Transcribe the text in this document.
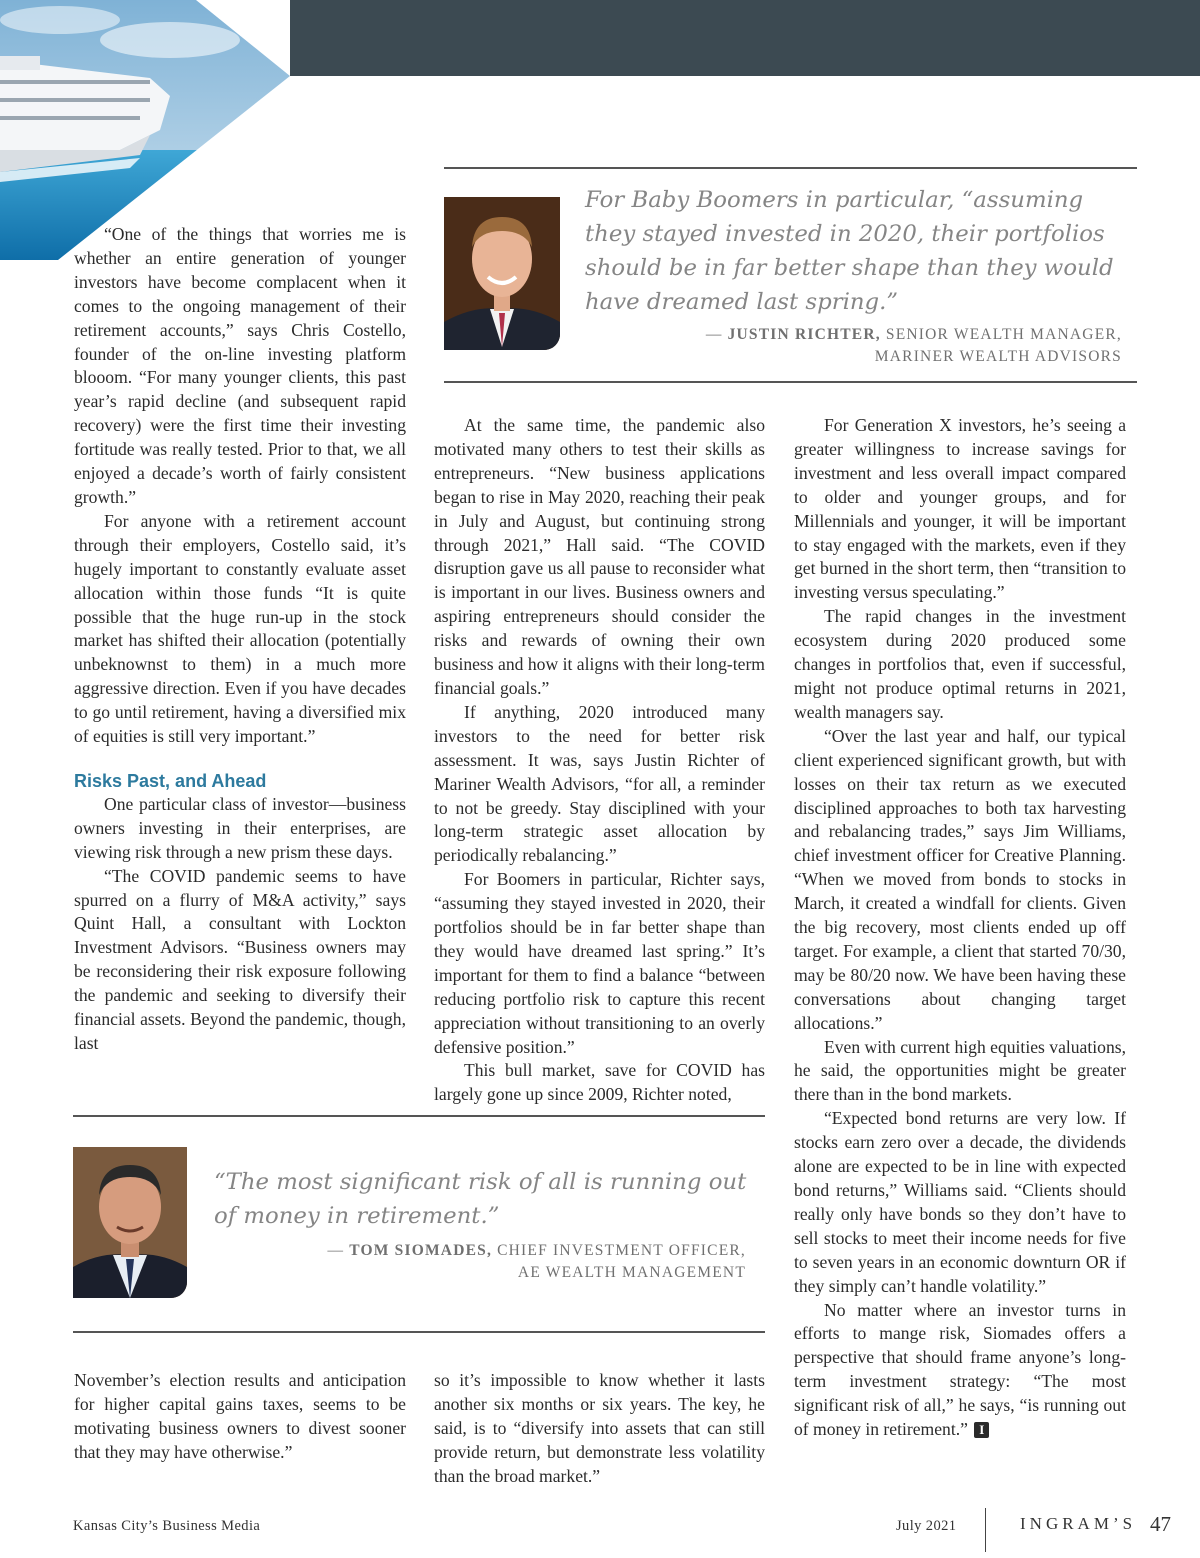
For Baby Boomers in particular, “assuming they stayed invested in 2020, their portfolios should be in far better shape than they would have dreamed last spring.”
— JUSTIN RICHTER, SENIOR WEALTH MANAGER,
MARINER WEALTH ADVISORS

“One of the things that worries me is whether an entire generation of younger investors have become complacent when it comes to the ongoing management of their retirement accounts,” says Chris Costello, founder of the on-line investing platform blooom. “For many younger clients, this past year’s rapid decline (and subsequent rapid recovery) were the first time their investing fortitude was really tested. Prior to that, we all enjoyed a decade’s worth of fairly consistent growth.”

For anyone with a retirement account through their employers, Costello said, it’s hugely important to constantly evaluate asset allocation within those funds “It is quite possible that the huge run-up in the stock market has shifted their allocation (potentially unbeknownst to them) in a much more aggressive direction. Even if you have decades to go until retirement, having a diversified mix of equities is still very important.”

Risks Past, and Ahead

One particular class of investor—business owners investing in their enterprises, are viewing risk through a new prism these days.

“The COVID pandemic seems to have spurred on a flurry of M&A activity,” says Quint Hall, a consultant with Lockton Investment Advisors. “Business owners may be reconsidering their risk exposure following the pandemic and seeking to diversify their financial assets. Beyond the pandemic, though, last

At the same time, the pandemic also motivated many others to test their skills as entrepreneurs. “New business applications began to rise in May 2020, reaching their peak in July and August, but continuing strong through 2021,” Hall said. “The COVID disruption gave us all pause to reconsider what is important in our lives. Business owners and aspiring entrepreneurs should consider the risks and rewards of owning their own business and how it aligns with their long-term financial goals.”

If anything, 2020 introduced many investors to the need for better risk assessment. It was, says Justin Richter of Mariner Wealth Advisors, “for all, a reminder to not be greedy. Stay disciplined with your long-term strategic asset allocation by periodically rebalancing.”

For Boomers in particular, Richter says, “assuming they stayed invested in 2020, their portfolios should be in far better shape than they would have dreamed last spring.” It’s important for them to find a balance “between reducing portfolio risk to capture this recent appreciation without transitioning to an overly defensive position.”

This bull market, save for COVID has largely gone up since 2009, Richter noted,

“The most significant risk of all is running out of money in retirement.”
— TOM SIOMADES, CHIEF INVESTMENT OFFICER,
AE WEALTH MANAGEMENT

November’s election results and anticipation for higher capital gains taxes, seems to be motivating business owners to divest sooner that they may have otherwise.”

so it’s impossible to know whether it lasts another six months or six years. The key, he said, is to “diversify into assets that can still provide return, but demonstrate less volatility than the broad market.”

For Generation X investors, he’s seeing a greater willingness to increase savings for investment and less overall impact compared to older and younger groups, and for Millennials and younger, it will be important to stay engaged with the markets, even if they get burned in the short term, then “transition to investing versus speculating.”

The rapid changes in the investment ecosystem during 2020 produced some changes in portfolios that, even if successful, might not produce optimal returns in 2021, wealth managers say.

“Over the last year and half, our typical client experienced significant growth, but with losses on their tax return as we executed disciplined approaches to both tax harvesting and rebalancing trades,” says Jim Williams, chief investment officer for Creative Planning. “When we moved from bonds to stocks in March, it created a windfall for clients. Given the big recovery, most clients ended up off target. For example, a client that started 70/30, may be 80/20 now. We have been having these conversations about changing target allocations.”

Even with current high equities valuations, he said, the opportunities might be greater there than in the bond markets.

“Expected bond returns are very low. If stocks earn zero over a decade, the dividends alone are expected to be in line with expected bond returns,” Williams said. “Clients should really only have bonds so they don’t have to sell stocks to meet their income needs for five to seven years in an economic downturn OR if they simply can’t handle volatility.”

No matter where an investor turns in efforts to mange risk, Siomades offers a perspective that should frame anyone’s long-term investment strategy: “The most significant risk of all,” he says, “is running out of money in retirement.” I

Kansas City’s Business Media	July 2021	INGRAM’S 47
